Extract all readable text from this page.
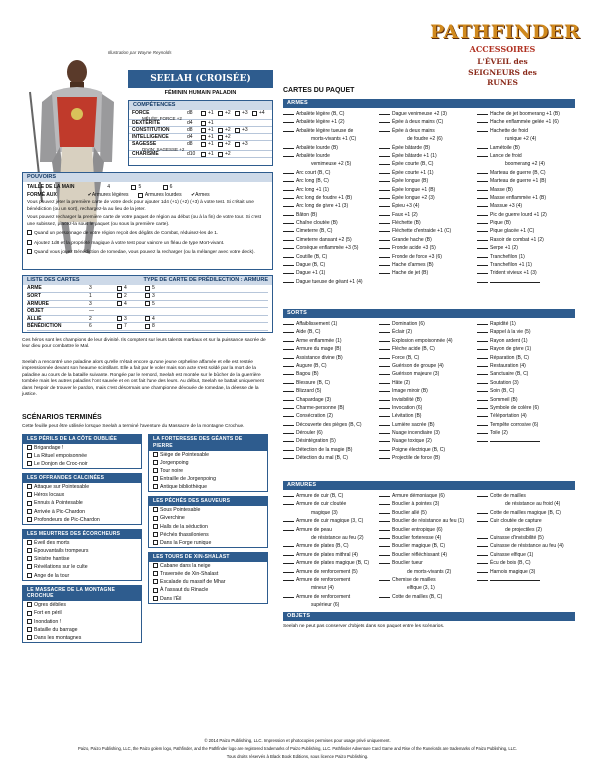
Illustration par Wayne Reynolds
SEELAH (CROISÉE)
FÉMININ HUMAIN PALADIN
COMPÉTENCES
FORCE	d8	+1	+2	+3	+4
MÊLÉE: FORCE +2
DEXTÉRITÉ	d4	+1
CONSTITUTION	d8	+1	+2	+3
INTELLIGENCE	d4	+1	+2
SAGESSE	d8	+1	+2	+3
DIVIN: SAGESSE +2
CHARISME	d10	+1	+2
POUVOIRS
TAILLE DE LA MAIN	4	5	6
FORMÉ AUX	✔Armures légères	Armures lourdes ✔Armes
Vous pouvez jeter la première carte de votre deck pour ajouter 1d4 (+1) (+2) (+3) à votre test. Si c'était une bénédiction (ou un sort), rechargez-la au lieu de la jeter.
Vous pouvez recharger la première carte de votre paquet de région au début (ou à la fin) de votre tour. Si c'est une subissez, placez-la sous le paquet (ou sous la première carte).
Quand un personnage de votre région reçoit des dégâts de Combat, réduisez-les de 1.
Ajoutez 1d8 et la propriété magique à votre test pour vaincre un fléau de type Mort-vivant.
Quand vous jouez Bénédiction de Iomedae, vous pouvez la recharger (ou la mélanger avec votre deck).
LISTE DES CARTES	TYPE DE CARTE DE PRÉDILECTION : ARMURE
ARME	3	4	5
SORT	1	2	3
ARMURE	3	4	5
OBJET	—
ALLIÉ	2	3	4
BÉNÉDICTION	6	7	8
Ces héros sont les champions de leur divinité. Ils comptent sur leurs talents martiaux et sur la puissance sacrée de leur dieu pour combattre le Mal.
Seelah a rencontré une paladine alors qu'elle n'était encore qu'une jeune orpheline affamée et elle est restée impressionnée devant son heaume scintillant. Elle a fait par le voler mais son acte s'est soldé par la mort de la paladine au cours de la bataille suivante. Rongée par le remord, Seelah est montée sur le bûcher de la guerrière tombée mais les autres paladins l'ont sauvée et en ont fait l'une des leurs. Au début, Seelah se battait uniquement dans l'espoir de trouver le pardon, mais c'est désormais une championne dévouée de Iomedae, la déesse de la justice.
SCÉNARIOS TERMINÉS
Cette feuille peut être utilisée lorsque Seelah a terminé l'aventure du Massacre de la montagne Crochue.
LES PÉRILS DE LA CÔTE OUBLIÉE
Brigandage !
La Rituel empoisonnée
Le Donjon de Croc-noir
LES OFFRANDES CALCINÉES
Attaque sur Pointesable
Héros locaux
Ennuis à Pointesable
Arrivée à Pic-Chardon
Profondeurs de Pic-Chardon
LES MEURTRES DES ÉCORCHEURS
Éveil des morts
Épouvantails trompeurs
Sinistre hantise
Révélations sur le culte
Ange de la tour
LE MASSACRE DE LA MONTAGNE CROCHUE
Ogres débiles
Fort en péril
Inondation !
Bataille du barrage
Dans les montagnes
LA FORTERESSE DES GÉANTS DE PIERRE
Siège de Pointesable
Jorgenpoing
Tour noire
Entraille de Jorgenpoing
Antique bibliothèque
LES PÉCHÉS DES SAUVEURS
Sous Pointesable
Giverchine
Halls de la séduction
Péchés thassiloniens
Dans la Forge runique
LES TOURS DE XIN-SHALAST
Cabane dans la neige
Traversée de Xin-Shalast
Escalade du massif de Mhar
À l'assaut du Rinacle
Dans l'Éil
PATHFINDER
ACCESSOIRES
L'ÉVEIL des SEIGNEURS des RUNES
CARTES DU PAQUET
ARMES
Arbalète légère (B, C)
Arbalète légère +1 (2)
Arbalète légère tueuse de
morts-vivants +1 (C)
Arbalète lourde (B)
Arbalète lourde
vemimeuse +2 (5)
Arc court (B, C)
Arc long (B, C)
Arc long +1 (1)
Arc long de foudre +1 (B)
Arc long de givre +1 (3)
Bâton (B)
Chaîne cloutée (B)
Cimeterre (B, C)
Cimeterre dansant +2 (5)
Corsèque enflammée +3 (5)
Coutille (B, C)
Dague (B, C)
Dague +1 (1)
Dague tueuse de géant +1 (4)
Dague venimeuse +2 (3)
Épée à deux mains (C)
Épée à deux mains
de foudre +2 (6)
Épée bâtarde (B)
Épée bâtarde +1 (1)
Épée courte (B, C)
Épée courte +1 (1)
Épée longue (B)
Épée longue +1 (B)
Épée longue +2 (3)
Épieu +3 (4)
Faux +1 (2)
Fléchette (B)
Fléchette d'entraide +1 (C)
Grande hache (B)
Fronde acide +3 (5)
Fronde de force +3 (6)
Hache d'armes (B)
Hache de jet (B)
Hache de jet boomerang +1 (B)
Hache enflammée gelée +1 (6)
Hachette de froid
runique +2 (4)
Lamétoile (B)
Lance de froid
boomerang +2 (4)
Marteau de guerre (B, C)
Marteau de guerre +1 (B)
Masse (B)
Masse enflammée +1 (B)
Massue +3 (4)
Pic de guerre lourd +1 (2)
Pique (B)
Pique glacée +1 (C)
Rasoir de combat +1 (2)
Serpe +1 (2)
Tranchefilon (1)
Tranchefilon +1 (1)
Trident vivieux +1 (3)
SORTS
Affaiblissement (1)
Aide (B, C)
Arme enflammée (1)
Armure du mage (B)
Assistance divine (B)
Augure (B, C)
Bagou (B)
Blessure (B, C)
Blizzard (5)
Chapardage (3)
Charme-personne (B)
Consécration (2)
Découverte des pièges (B, C)
Dérouler (6)
Désintégration (5)
Détection de la magie (B)
Détection du mal (B, C)
Domination (6)
Éclair (2)
Explosion empoisonnée (4)
Flèche acide (B, C)
Force (B, C)
Guérison de groupe (4)
Guérison majeure (3)
Hâte (2)
Image miroir (B)
Invisibilité (B)
Invocation (6)
Lévitation (B)
Lumière sacrée (B)
Nuage incendiaire (3)
Nuage toxique (2)
Poigne électrique (B, C)
Projectile de force (B)
Rapidité (1)
Rappel à la vie (5)
Rayon ardent (1)
Rayon de givre (1)
Réparation (B, C)
Restauration (4)
Sanctuaire (B, C)
Soutation (3)
Soin (B, C)
Sommeil (B)
Symbole de colère (6)
Téléportation (4)
Tempête corrosive (6)
Toile (2)
ARMURES
Armure de cuir (B, C)
Armure de cuir cloutée
magique (3)
Armure de cuir magique (3, C)
Armure de peau
de résistance au feu (2)
Armure de plates (B, C)
Armure de plates mithral (4)
Armure de plates magique (B, C)
Armure de renforcement (5)
Armure de renforcement
mineur (4)
Armure de renforcement
supérieur (6)
Armure démoniaque (6)
Bouclier à pointes (3)
Bouclier allé (5)
Bouclier de résistance au feu (1)
Bouclier entropique (6)
Bouclier forteresse (4)
Bouclier magique (B, C)
Bouclier réfléchissant (4)
Bouclier tueur
de morts-vivants (2)
Chemise de mailles
elfique (3, 1)
Cotte de mailles (B, C)
Cotte de mailles
de résistance au froid (4)
Cotte de mailles magique (B, C)
Cuir cloutée de capture
de projectiles (2)
Cuirasse d'invisibilité (5)
Cuirasse de résistance au feu (4)
Cuirasse elfique (1)
Écu de bois (B, C)
Harnois magique (3)
OBJETS
Seelah ne peut pas conserver d'objets dans son paquet entre les scénarios.
© 2014 Paizo Publishing, LLC. Impression et photocopies permises pour usage privé uniquement.
Paizo, Paizo Publishing, LLC, the Paizo golem logo, Pathfinder, and the Pathfinder logo are registered trademarks of Paizo Publishing, LLC. Pathfinder Adventure Card Game and Rise of the Runelords are trademarks of Paizo Publishing, LLC.
Tous droits réservés à Black Book Editions, sous licence Paizo Publishing.
